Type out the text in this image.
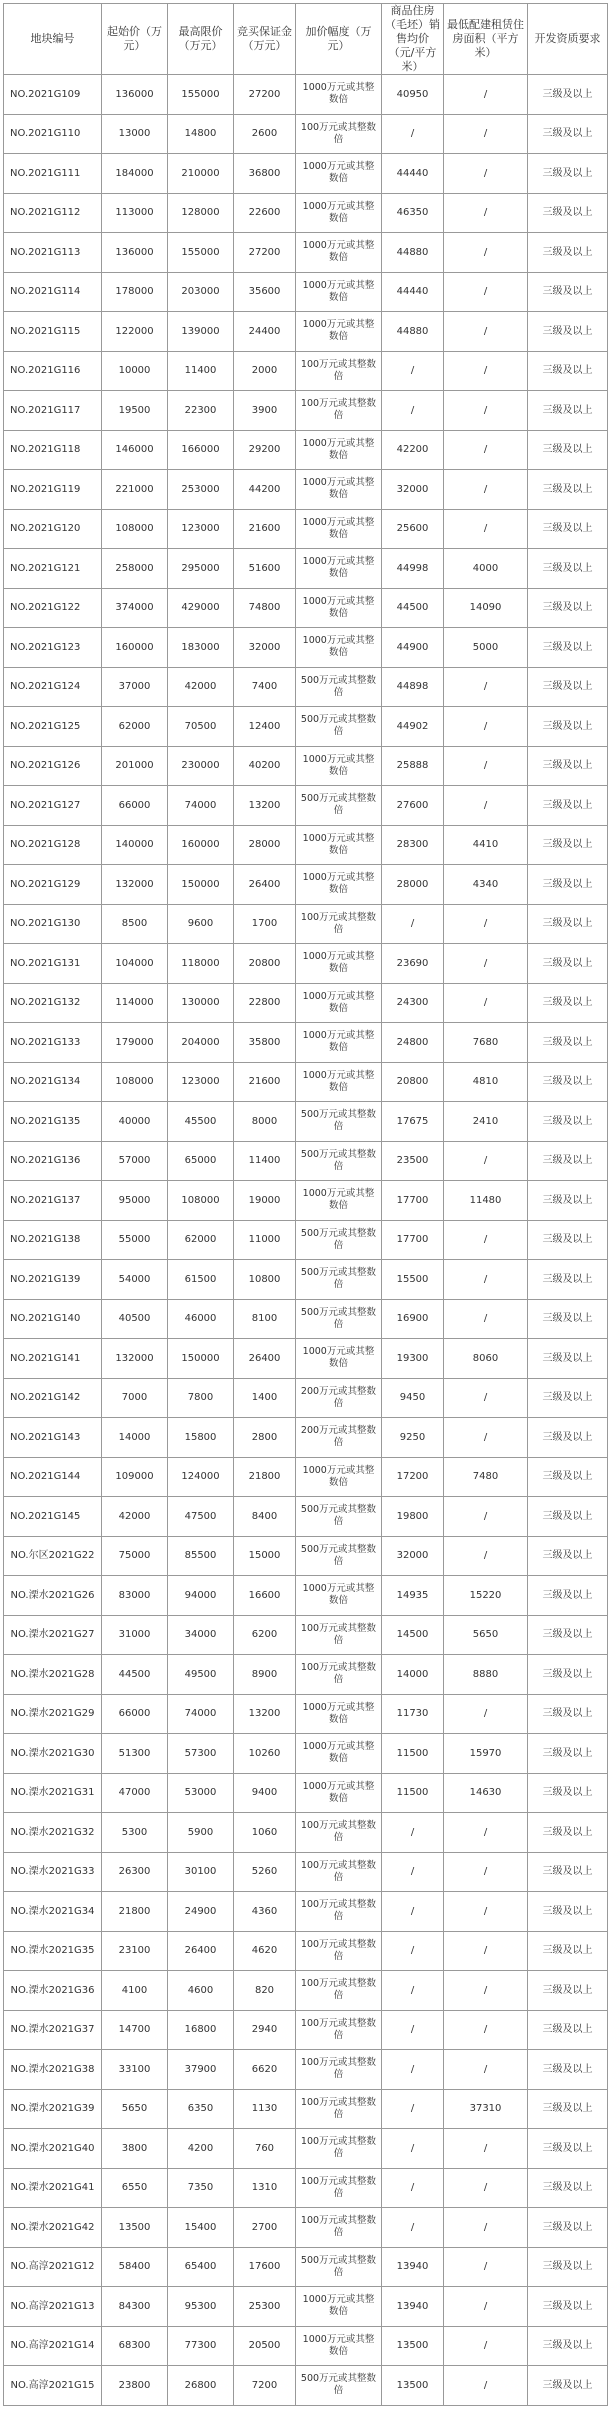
地块编号	起始价（万元）	最高限价（万元）	竞买保证金（万元）	加价幅度（万元）	商品住房（毛坯）销售均价（元/平方米）	最低配建租赁住房面积（平方米）	开发资质要求
NO.2021G109	136000	155000	27200	1000万元或其整数倍	40950	/	三级及以上
NO.2021G110	13000	14800	2600	100万元或其整数倍	/	/	三级及以上
NO.2021G111	184000	210000	36800	1000万元或其整数倍	44440	/	三级及以上
NO.2021G112	113000	128000	22600	1000万元或其整数倍	46350	/	三级及以上
NO.2021G113	136000	155000	27200	1000万元或其整数倍	44880	/	三级及以上
NO.2021G114	178000	203000	35600	1000万元或其整数倍	44440	/	三级及以上
NO.2021G115	122000	139000	24400	1000万元或其整数倍	44880	/	三级及以上
NO.2021G116	10000	11400	2000	100万元或其整数倍	/	/	三级及以上
NO.2021G117	19500	22300	3900	100万元或其整数倍	/	/	三级及以上
NO.2021G118	146000	166000	29200	1000万元或其整数倍	42200	/	三级及以上
NO.2021G119	221000	253000	44200	1000万元或其整数倍	32000	/	三级及以上
NO.2021G120	108000	123000	21600	1000万元或其整数倍	25600	/	三级及以上
NO.2021G121	258000	295000	51600	1000万元或其整数倍	44998	4000	三级及以上
NO.2021G122	374000	429000	74800	1000万元或其整数倍	44500	14090	三级及以上
NO.2021G123	160000	183000	32000	1000万元或其整数倍	44900	5000	三级及以上
NO.2021G124	37000	42000	7400	500万元或其整数倍	44898	/	三级及以上
NO.2021G125	62000	70500	12400	500万元或其整数倍	44902	/	三级及以上
NO.2021G126	201000	230000	40200	1000万元或其整数倍	25888	/	三级及以上
NO.2021G127	66000	74000	13200	500万元或其整数倍	27600	/	三级及以上
NO.2021G128	140000	160000	28000	1000万元或其整数倍	28300	4410	三级及以上
NO.2021G129	132000	150000	26400	1000万元或其整数倍	28000	4340	三级及以上
NO.2021G130	8500	9600	1700	100万元或其整数倍	/	/	三级及以上
NO.2021G131	104000	118000	20800	1000万元或其整数倍	23690	/	三级及以上
NO.2021G132	114000	130000	22800	1000万元或其整数倍	24300	/	三级及以上
NO.2021G133	179000	204000	35800	1000万元或其整数倍	24800	7680	三级及以上
NO.2021G134	108000	123000	21600	1000万元或其整数倍	20800	4810	三级及以上
NO.2021G135	40000	45500	8000	500万元或其整数倍	17675	2410	三级及以上
NO.2021G136	57000	65000	11400	500万元或其整数倍	23500	/	三级及以上
NO.2021G137	95000	108000	19000	1000万元或其整数倍	17700	11480	三级及以上
NO.2021G138	55000	62000	11000	500万元或其整数倍	17700	/	三级及以上
NO.2021G139	54000	61500	10800	500万元或其整数倍	15500	/	三级及以上
NO.2021G140	40500	46000	8100	500万元或其整数倍	16900	/	三级及以上
NO.2021G141	132000	150000	26400	1000万元或其整数倍	19300	8060	三级及以上
NO.2021G142	7000	7800	1400	200万元或其整数倍	9450	/	三级及以上
NO.2021G143	14000	15800	2800	200万元或其整数倍	9250	/	三级及以上
NO.2021G144	109000	124000	21800	1000万元或其整数倍	17200	7480	三级及以上
NO.2021G145	42000	47500	8400	500万元或其整数倍	19800	/	三级及以上
NO.尔区2021G22	75000	85500	15000	500万元或其整数倍	32000	/	三级及以上
NO.溧水2021G26	83000	94000	16600	1000万元或其整数倍	14935	15220	三级及以上
NO.溧水2021G27	31000	34000	6200	100万元或其整数倍	14500	5650	三级及以上
NO.溧水2021G28	44500	49500	8900	100万元或其整数倍	14000	8880	三级及以上
NO.溧水2021G29	66000	74000	13200	1000万元或其整数倍	11730	/	三级及以上
NO.溧水2021G30	51300	57300	10260	1000万元或其整数倍	11500	15970	三级及以上
NO.溧水2021G31	47000	53000	9400	1000万元或其整数倍	11500	14630	三级及以上
NO.溧水2021G32	5300	5900	1060	100万元或其整数倍	/	/	三级及以上
NO.溧水2021G33	26300	30100	5260	100万元或其整数倍	/	/	三级及以上
NO.溧水2021G34	21800	24900	4360	100万元或其整数倍	/	/	三级及以上
NO.溧水2021G35	23100	26400	4620	100万元或其整数倍	/	/	三级及以上
NO.溧水2021G36	4100	4600	820	100万元或其整数倍	/	/	三级及以上
NO.溧水2021G37	14700	16800	2940	100万元或其整数倍	/	/	三级及以上
NO.溧水2021G38	33100	37900	6620	100万元或其整数倍	/	/	三级及以上
NO.溧水2021G39	5650	6350	1130	100万元或其整数倍	/	37310	三级及以上
NO.溧水2021G40	3800	4200	760	100万元或其整数倍	/	/	三级及以上
NO.溧水2021G41	6550	7350	1310	100万元或其整数倍	/	/	三级及以上
NO.溧水2021G42	13500	15400	2700	100万元或其整数倍	/	/	三级及以上
NO.高淳2021G12	58400	65400	17600	500万元或其整数倍	13940	/	三级及以上
NO.高淳2021G13	84300	95300	25300	1000万元或其整数倍	13940	/	三级及以上
NO.高淳2021G14	68300	77300	20500	1000万元或其整数倍	13500	/	三级及以上
NO.高淳2021G15	23800	26800	7200	500万元或其整数倍	13500	/	三级及以上
